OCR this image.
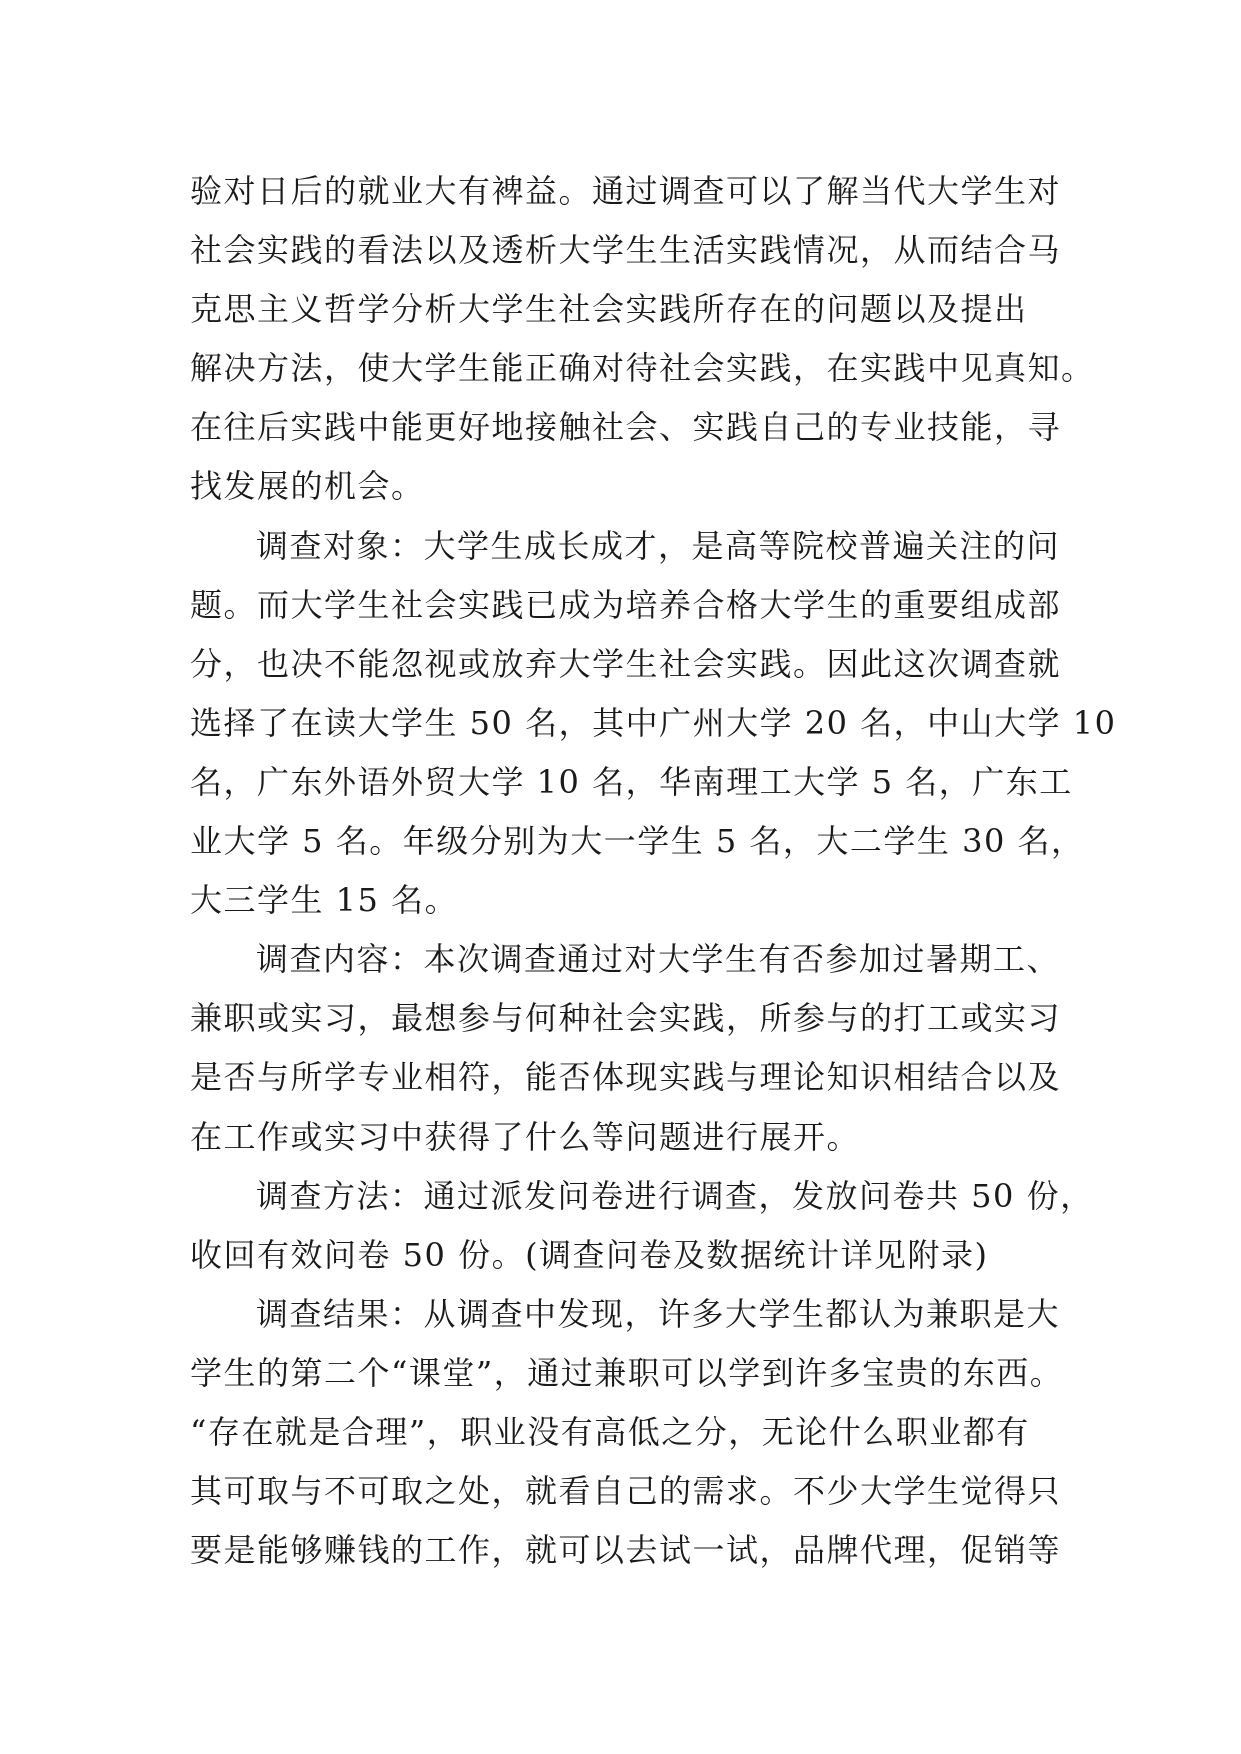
验对日后的就业大有裨益。通过调查可以了解当代大学生对
社会实践的看法以及透析大学生生活实践情况，从而结合马
克思主义哲学分析大学生社会实践所存在的问题以及提出
解决方法，使大学生能正确对待社会实践，在实践中见真知。
在往后实践中能更好地接触社会、实践自己的专业技能，寻
找发展的机会。
调查对象：大学生成长成才，是高等院校普遍关注的问
题。而大学生社会实践已成为培养合格大学生的重要组成部
分，也决不能忽视或放弃大学生社会实践。因此这次调查就
选择了在读大学生 50 名，其中广州大学 20 名，中山大学 10
名，广东外语外贸大学 10 名，华南理工大学 5 名，广东工
业大学 5 名。年级分别为大一学生 5 名，大二学生 30 名，
大三学生 15 名。
调查内容：本次调查通过对大学生有否参加过暑期工、
兼职或实习，最想参与何种社会实践，所参与的打工或实习
是否与所学专业相符，能否体现实践与理论知识相结合以及
在工作或实习中获得了什么等问题进行展开。
调查方法：通过派发问卷进行调查，发放问卷共 50 份，
收回有效问卷 50 份。(调查问卷及数据统计详见附录)
调查结果：从调查中发现，许多大学生都认为兼职是大
学生的第二个“课堂”，通过兼职可以学到许多宝贵的东西。
“存在就是合理”，职业没有高低之分，无论什么职业都有
其可取与不可取之处，就看自己的需求。不少大学生觉得只
要是能够赚钱的工作，就可以去试一试，品牌代理，促销等
